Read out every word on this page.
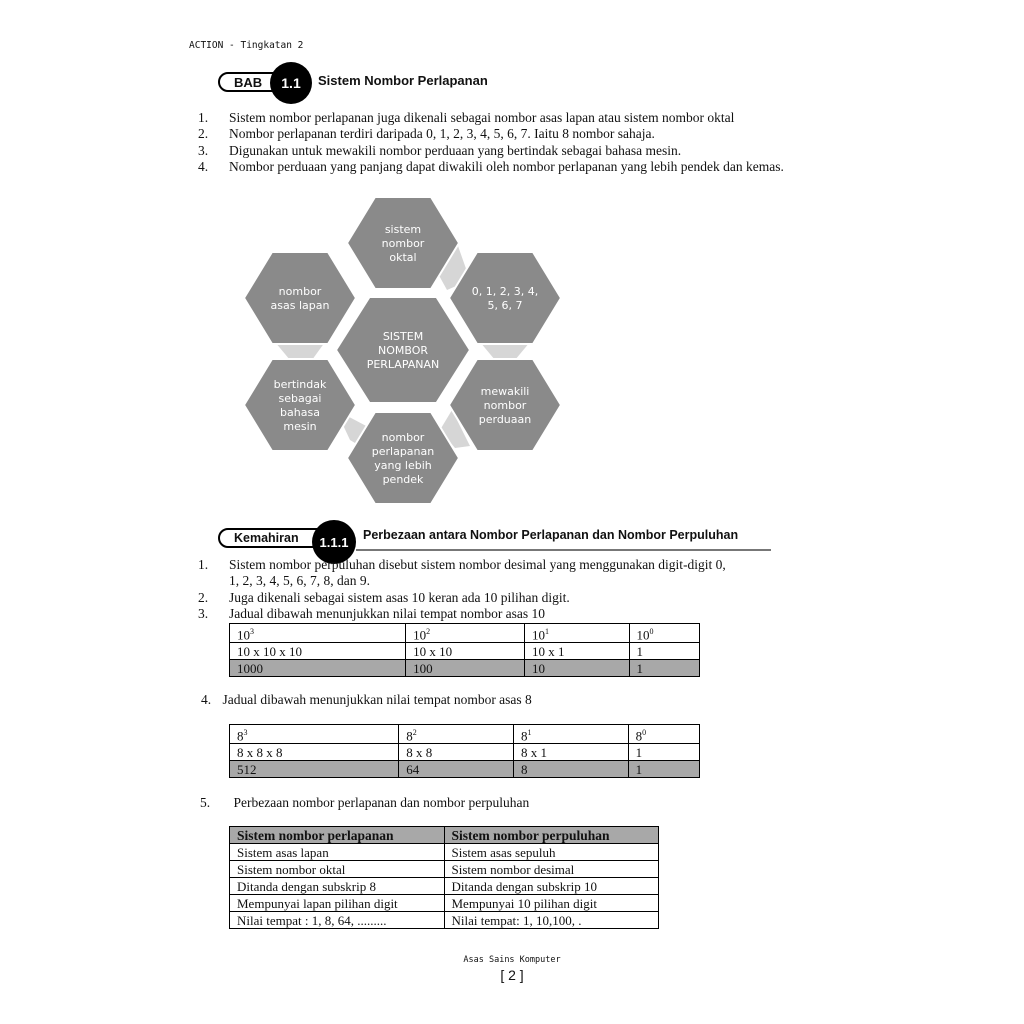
ACTION - Tingkatan 2
BAB	1.1	Sistem Nombor Perlapanan
1. Sistem nombor perlapanan juga dikenali sebagai nombor asas lapan atau sistem nombor oktal
2. Nombor perlapanan terdiri daripada 0, 1, 2, 3, 4, 5, 6, 7. Iaitu 8 nombor sahaja.
3. Digunakan untuk mewakili nombor perduaan yang bertindak sebagai bahasa mesin.
4. Nombor perduaan yang panjang dapat diwakili oleh nombor perlapanan yang lebih pendek dan kemas.
sistem
nombor
oktal
0, 1, 2, 3, 4,
5, 6, 7
mewakili
nombor
perduaan
nombor
perlapanan
yang lebih
pendek
bertindak
sebagai
bahasa
mesin
nombor
asas lapan
SISTEM
NOMBOR
PERLAPANAN
Kemahiran	1.1.1	Perbezaan antara Nombor Perlapanan dan Nombor Perpuluhan
1. Sistem nombor perpuluhan disebut sistem nombor desimal yang menggunakan digit-digit 0, 1, 2, 3, 4, 5, 6, 7, 8, dan 9.
2. Juga dikenali sebagai sistem asas 10 keran ada 10 pilihan digit.
3. Jadual dibawah menunjukkan nilai tempat nombor asas 10
$10^3$	$10^2$	$10^1$	$10^0$
10 x 10 x 10	10 x 10	10 x 1	1
1000	100	10	1
4. Jadual dibawah menunjukkan nilai tempat nombor asas 8
$8^3$	$8^2$	$8^1$	$8^0$
8 x 8 x 8	8 x 8	8 x 1	1
512	64	8	1
5. Perbezaan nombor perlapanan dan nombor perpuluhan
Sistem nombor perlapanan	Sistem nombor perpuluhan
Sistem asas lapan	Sistem asas sepuluh
Sistem nombor oktal	Sistem nombor desimal
Ditanda dengan subskrip 8	Ditanda dengan subskrip 10
Mempunyai lapan pilihan digit	Mempunyai 10 pilihan digit
Nilai tempat : 1, 8, 64, .........	Nilai tempat: 1, 10,100, .
Asas Sains Komputer
[ 2 ]
